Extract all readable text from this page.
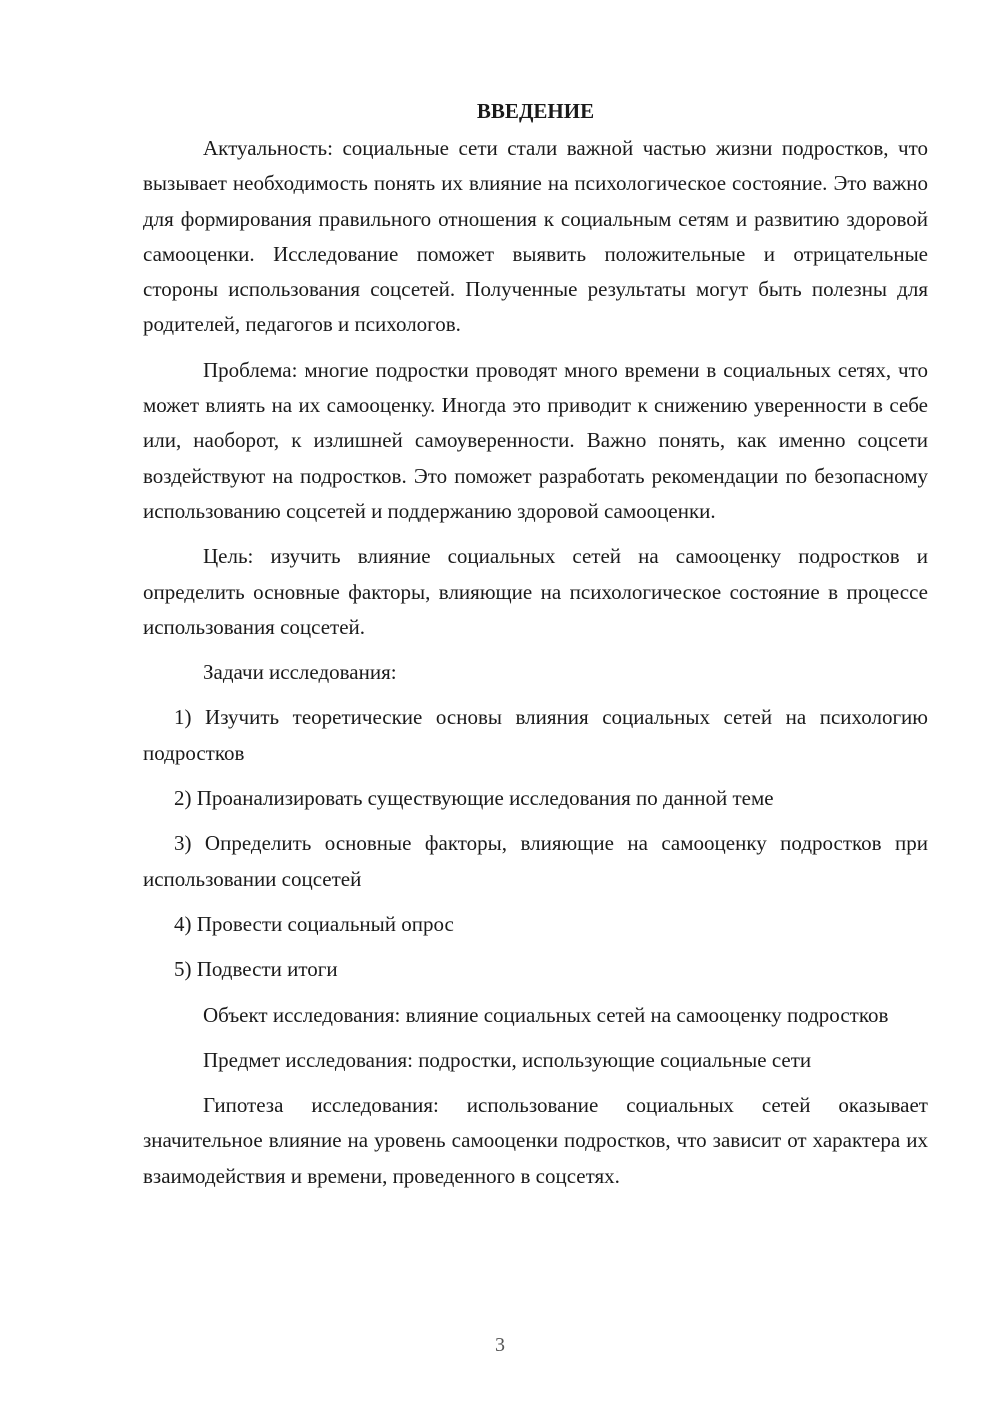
ВВЕДЕНИЕ

Актуальность: социальные сети стали важной частью жизни подростков, что вызывает необходимость понять их влияние на психологическое состояние. Это важно для формирования правильного отношения к социальным сетям и развитию здоровой самооценки. Исследование поможет выявить положительные и отрицательные стороны использования соцсетей. Полученные результаты могут быть полезны для родителей, педагогов и психологов.

Проблема: многие подростки проводят много времени в социальных сетях, что может влиять на их самооценку. Иногда это приводит к снижению уверенности в себе или, наоборот, к излишней самоуверенности. Важно понять, как именно соцсети воздействуют на подростков. Это поможет разработать рекомендации по безопасному использованию соцсетей и поддержанию здоровой самооценки.

Цель: изучить влияние социальных сетей на самооценку подростков и определить основные факторы, влияющие на психологическое состояние в процессе использования соцсетей.

Задачи исследования:

1) Изучить теоретические основы влияния социальных сетей на психологию подростков

2) Проанализировать существующие исследования по данной теме

3) Определить основные факторы, влияющие на самооценку подростков при использовании соцсетей

4) Провести социальный опрос

5) Подвести итоги

Объект исследования: влияние социальных сетей на самооценку подростков

Предмет исследования: подростки, использующие социальные сети

Гипотеза исследования: использование социальных сетей оказывает значительное влияние на уровень самооценки подростков, что зависит от характера их взаимодействия и времени, проведенного в соцсетях.

3
